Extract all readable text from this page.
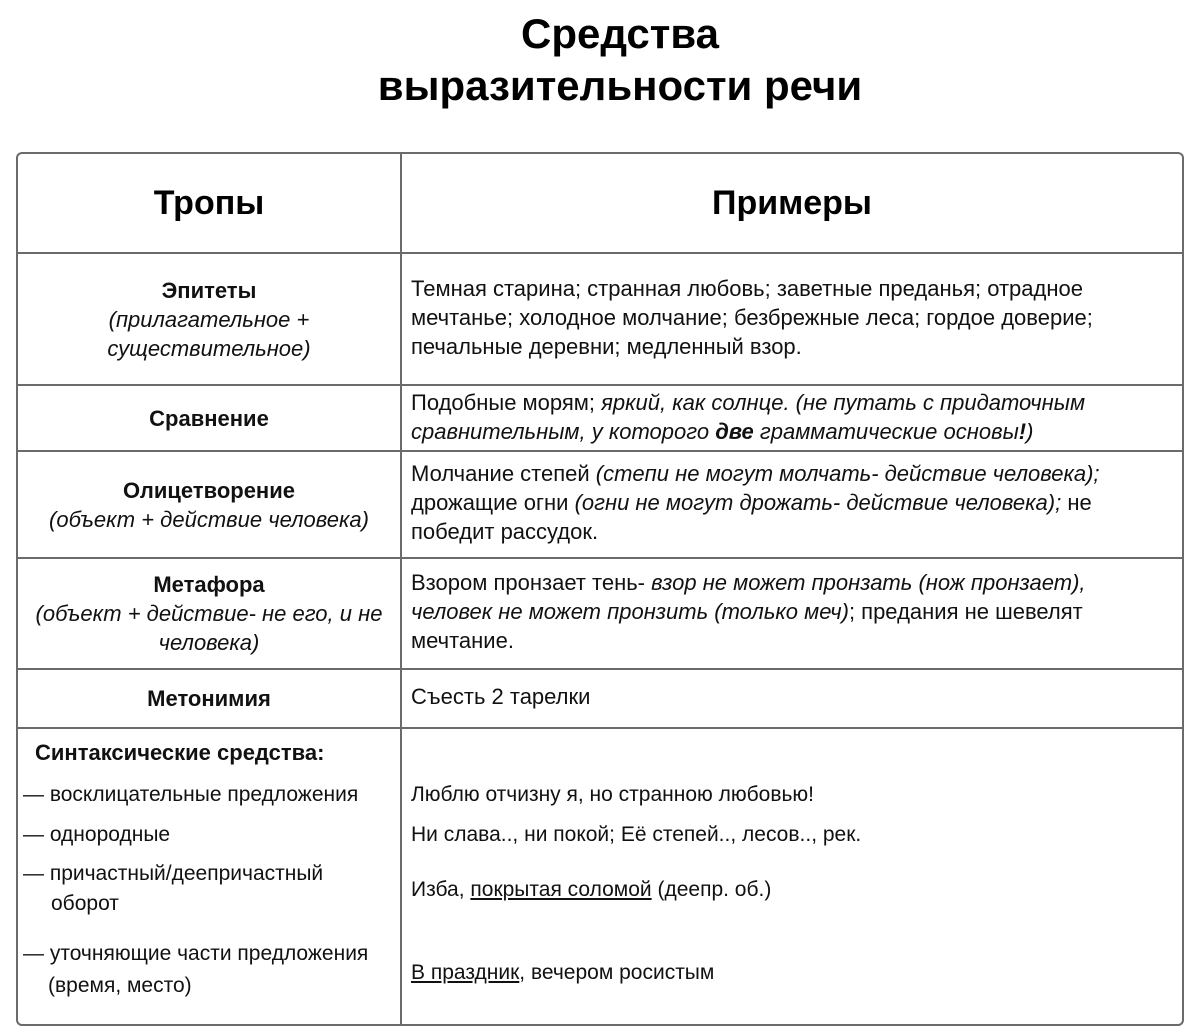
Средства
выразительности речи
Тропы	Примеры
Эпитеты
(прилагательное + существительное)
Темная старина; странная любовь; заветные преданья; отрадное мечтанье; холодное молчание; безбрежные леса; гордое доверие; печальные деревни; медленный взор.
Сравнение
Подобные морям; яркий, как солнце. (не путать с придаточным сравнительным, у которого две грамматические основы!)
Олицетворение
(объект + действие человека)
Молчание степей (степи не могут молчать- действие человека); дрожащие огни (огни не могут дрожать- действие человека); не победит рассудок.
Метафора
(объект + действие- не его, и не человека)
Взором пронзает тень- взор не может пронзать (нож пронзает), человек не может пронзить (только меч); предания не шевелят мечтание.
Метонимия	Съесть 2 тарелки
Синтаксические средства:
— восклицательные предложения
— однородные
— причастный/деепричастный
оборот
— уточняющие части предложения
(время, место)
Люблю отчизну я, но странною любовью!
Ни слава.., ни покой; Её степей.., лесов.., рек.
Изба, покрытая соломой (деепр. об.)
В праздник, вечером росистым
